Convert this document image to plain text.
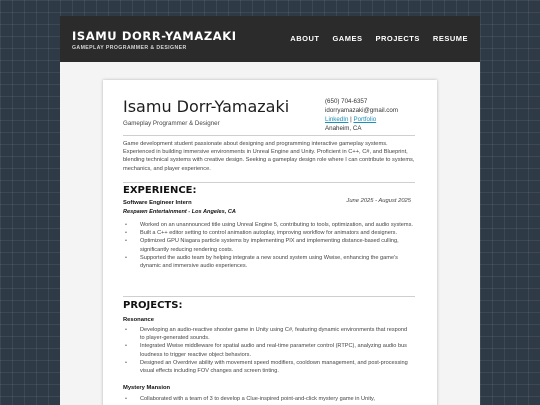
ISAMU DORR-YAMAZAKI
GAMEPLAY PROGRAMMER & DESIGNER
ABOUT GAMES PROJECTS RESUME
Isamu Dorr-Yamazaki
Gameplay Programmer & Designer
(650) 704-6357
idorryamazaki@gmail.com
LinkedIn | Portfolio
Anaheim, CA
Game development student passionate about designing and programming interactive gameplay systems. Experienced in building immersive environments in Unreal Engine and Unity. Proficient in C++, C#, and Blueprint, blending technical systems with creative design. Seeking a gameplay design role where I can contribute to systems, mechanics, and player experience.
EXPERIENCE:
Software Engineer Intern	June 2025 - August 2025
Respawn Entertainment - Los Angeles, CA
• Worked on an unannounced title using Unreal Engine 5, contributing to tools, optimization, and audio systems.
• Built a C++ editor setting to control animation autoplay, improving workflow for animators and designers.
• Optimized GPU Niagara particle systems by implementing PIX and implementing distance-based culling, significantly reducing rendering costs.
• Supported the audio team by helping integrate a new sound system using Wwise, enhancing the game's dynamic and immersive audio experiences.
PROJECTS:
Resonance
• Developing an audio-reactive shooter game in Unity using C#, featuring dynamic environments that respond to player-generated sounds.
• Integrated Wwise middleware for spatial audio and real-time parameter control (RTPC), analyzing audio bus loudness to trigger reactive object behaviors.
• Designed an Overdrive ability with movement speed modifiers, cooldown management, and post-processing visual effects including FOV changes and screen tinting.
Mystery Mansion
• Collaborated with a team of 3 to develop a Clue-inspired point-and-click mystery game in Unity,
